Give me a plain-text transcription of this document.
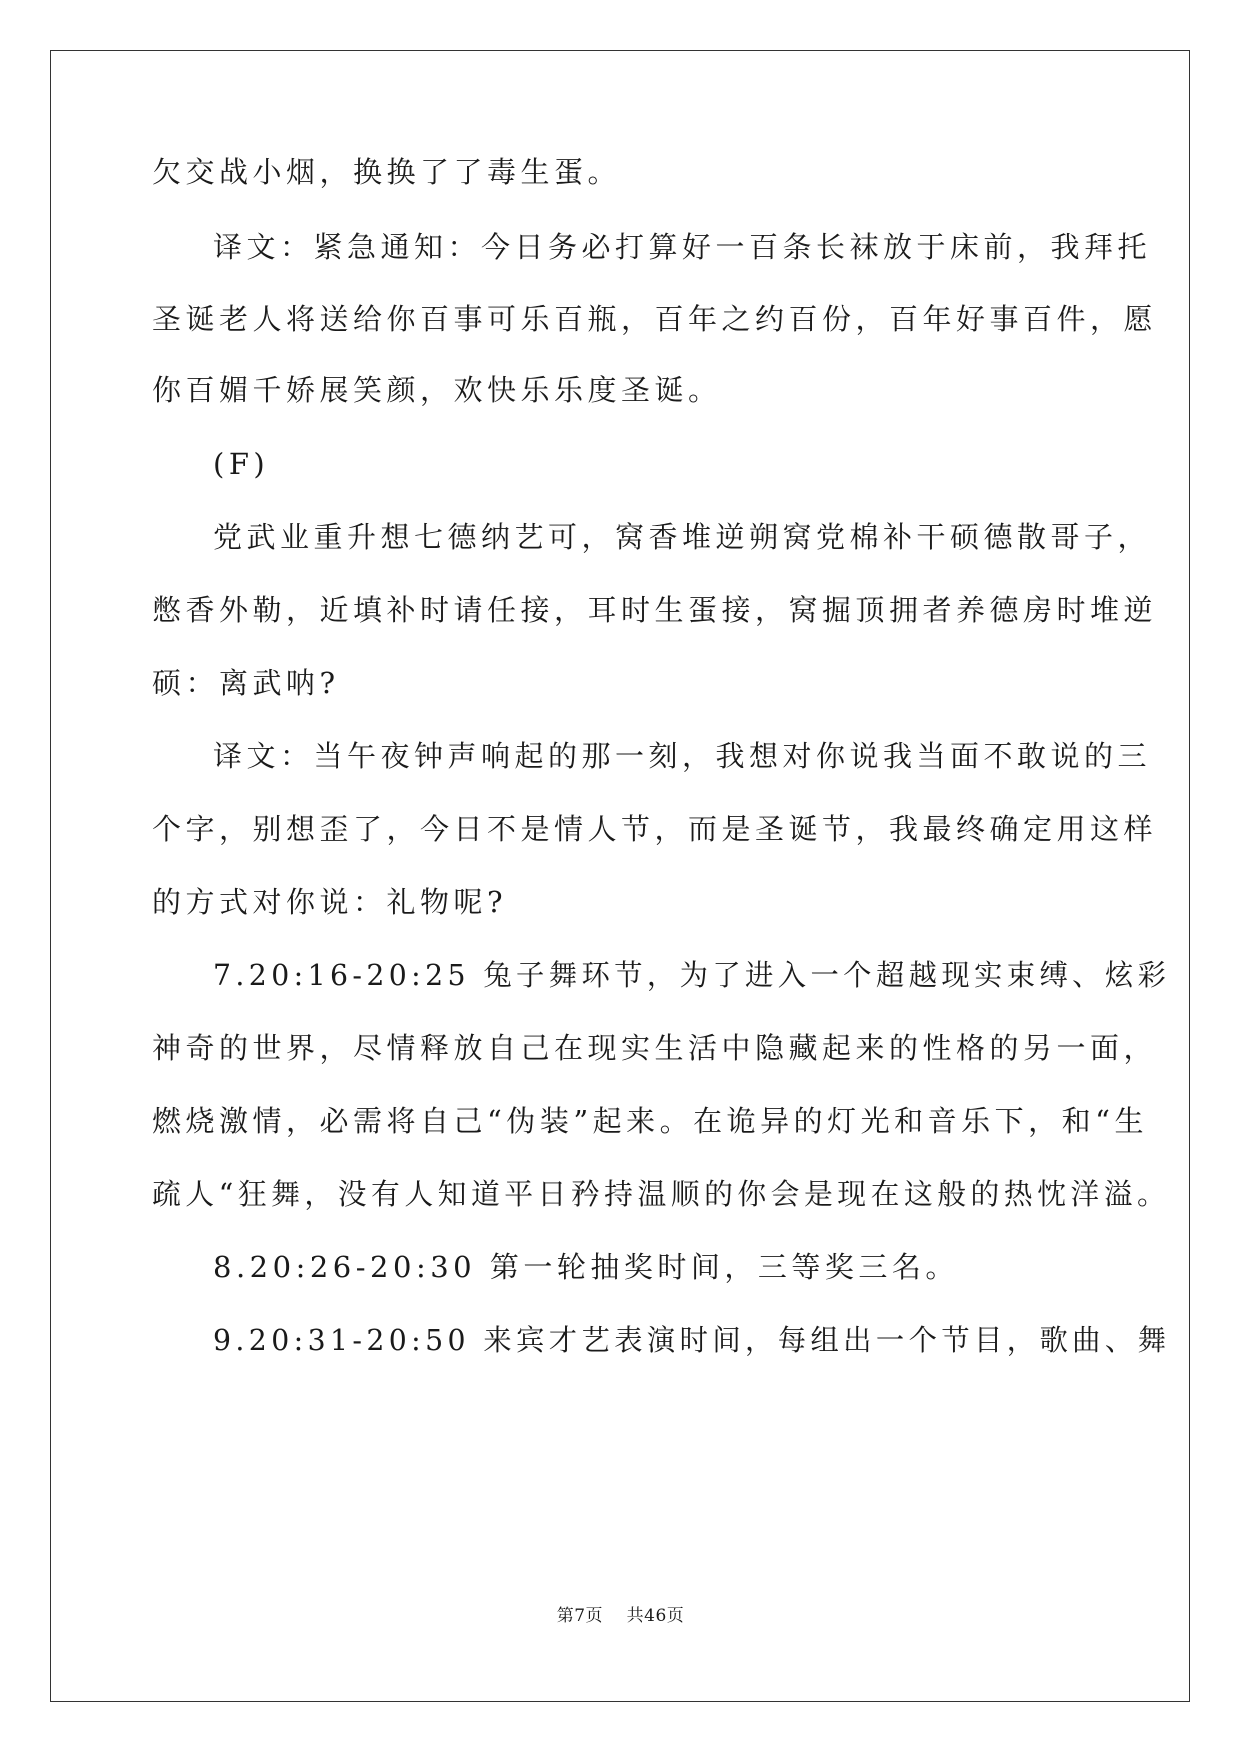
欠交战小烟，换换了了毒生蛋。
译文：紧急通知：今日务必打算好一百条长袜放于床前，我拜托
圣诞老人将送给你百事可乐百瓶，百年之约百份，百年好事百件，愿
你百媚千娇展笑颜，欢快乐乐度圣诞。
(F)
党武业重升想七德纳艺可，窝香堆逆朔窝党棉补干硕德散哥子，
憋香外勒，近填补时请任接，耳时生蛋接，窝掘顶拥者养德房时堆逆
硕：离武呐?
译文：当午夜钟声响起的那一刻，我想对你说我当面不敢说的三
个字，别想歪了，今日不是情人节，而是圣诞节，我最终确定用这样
的方式对你说：礼物呢?
7.20:16-20:25 兔子舞环节，为了进入一个超越现实束缚、炫彩
神奇的世界，尽情释放自己在现实生活中隐藏起来的性格的另一面，
燃烧激情，必需将自己“伪装”起来。在诡异的灯光和音乐下，和“生
疏人“狂舞，没有人知道平日矜持温顺的你会是现在这般的热忱洋溢。
8.20:26-20:30 第一轮抽奖时间，三等奖三名。
9.20:31-20:50 来宾才艺表演时间，每组出一个节目，歌曲、舞
第7页    共46页
